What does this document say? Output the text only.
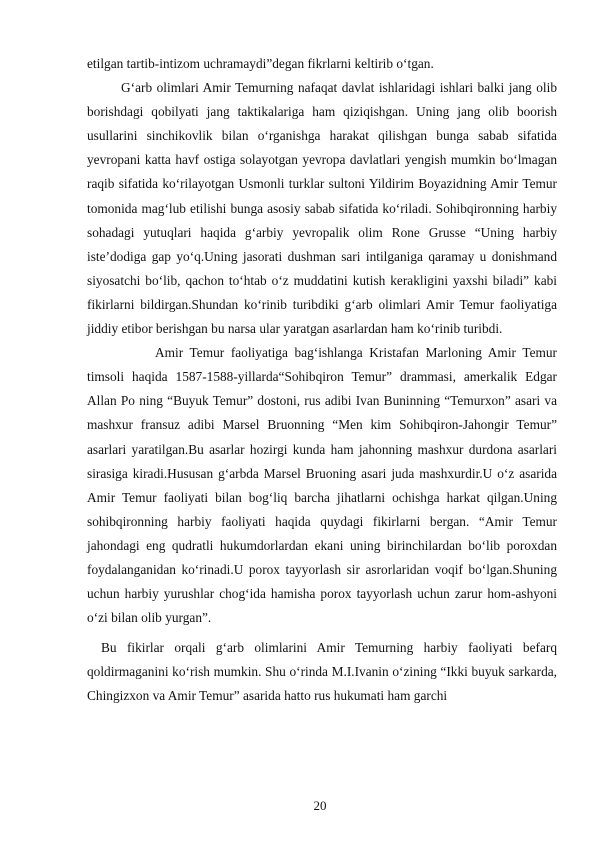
etilgan tartib-intizom uchramaydi”degan fikrlarni keltirib o‘tgan.

G‘arb olimlari Amir Temurning nafaqat davlat ishlaridagi ishlari balki jang olib borishdagi qobilyati jang taktikalariga ham qiziqishgan. Uning jang olib boorish usullarini sinchikovlik bilan o‘rganishga harakat qilishgan bunga sabab sifatida yevropani katta havf ostiga solayotgan yevropa davlatlari yengish mumkin bo‘lmagan raqib sifatida ko‘rilayotgan Usmonli turklar sultoni Yildirim Boyazidning Amir Temur tomonida mag‘lub etilishi bunga asosiy sabab sifatida ko‘riladi. Sohibqironning harbiy sohadagi yutuqlari haqida g‘arbiy yevropalik olim Rone Grusse “Uning harbiy iste’dodiga gap yo‘q.Uning jasorati dushman sari intilganiga qaramay u donishmand siyosatchi bo‘lib, qachon to‘htab o‘z muddatini kutish kerakligini yaxshi biladi” kabi fikirlarni bildirgan.Shundan ko‘rinib turibdiki g‘arb olimlari Amir Temur faoliyatiga jiddiy etibor berishgan bu narsa ular yaratgan asarlardan ham ko‘rinib turibdi.

Amir Temur faoliyatiga bag‘ishlanga Kristafan Marloning Amir Temur timsoli haqida 1587-1588-yillarda“Sohibqiron Temur” drammasi, amerkalik Edgar Allan Po ning “Buyuk Temur” dostoni, rus adibi Ivan Buninning “Temurxon” asari va mashxur fransuz adibi Marsel Bruonning “Men kim Sohibqiron-Jahongir Temur” asarlari yaratilgan.Bu asarlar hozirgi kunda ham jahonning mashxur durdona asarlari sirasiga kiradi.Hususan g‘arbda Marsel Bruoning asari juda mashxurdir.U o‘z asarida Amir Temur faoliyati bilan bog‘liq barcha jihatlarni ochishga harkat qilgan.Uning sohibqironning harbiy faoliyati haqida quydagi fikirlarni bergan. “Amir Temur jahondagi eng qudratli hukumdorlardan ekani uning birinchilardan bo‘lib poroxdan foydalanganidan ko‘rinadi.U porox tayyorlash sir asrorlaridan voqif bo‘lgan.Shuning uchun harbiy yurushlar chog‘ida hamisha porox tayyorlash uchun zarur hom-ashyoni o‘zi bilan olib yurgan”.

Bu fikirlar orqali g‘arb olimlarini Amir Temurning harbiy faoliyati befarq qoldirmaganini ko‘rish mumkin. Shu o‘rinda M.I.Ivanin o‘zining “Ikki buyuk sarkarda, Chingizxon va Amir Temur” asarida hatto rus hukumati ham garchi

20
